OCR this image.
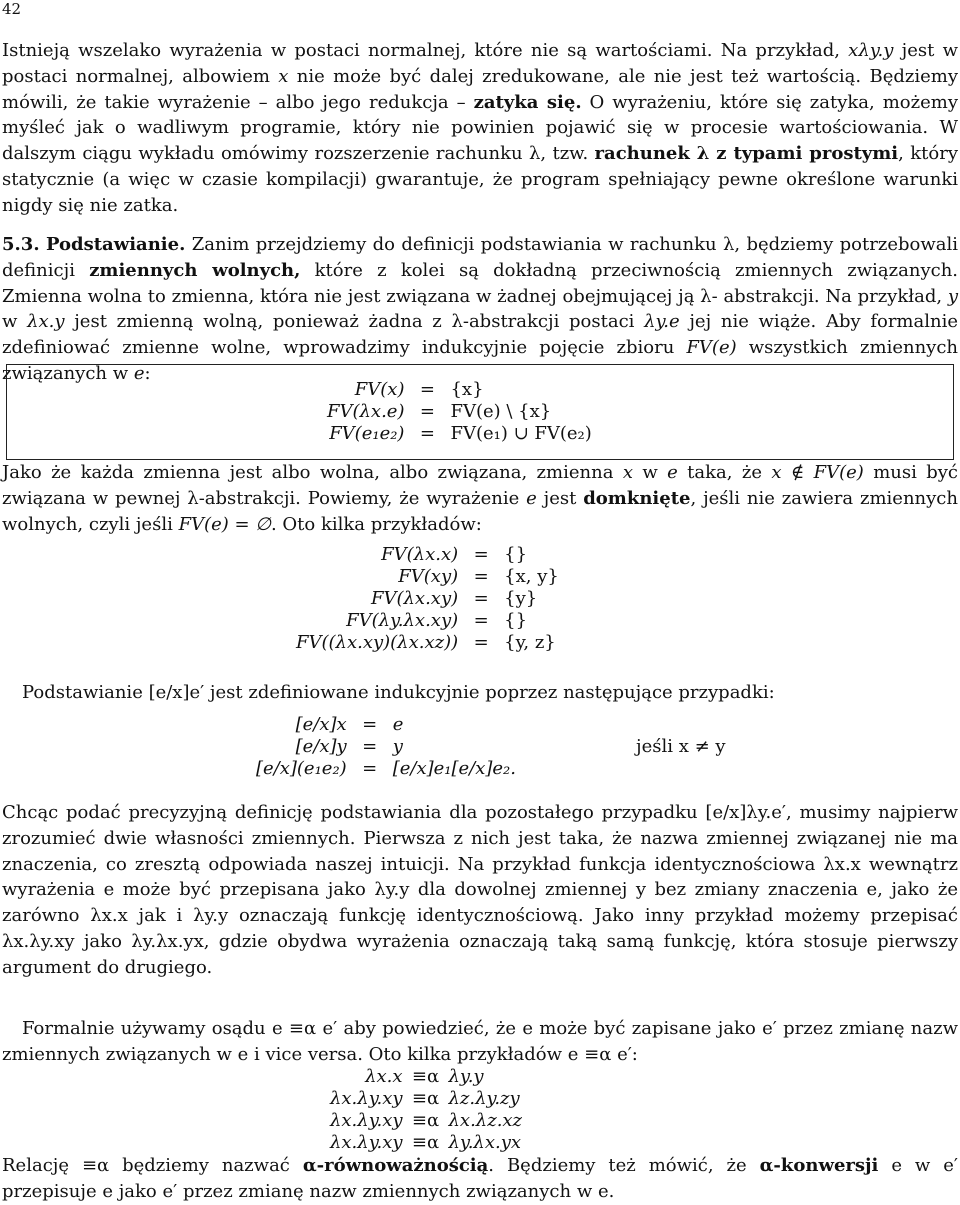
42

Istnieją wszelako wyrażenia w postaci normalnej, które nie są wartościami. Na przykład, xλy.y jest w postaci normalnej, albowiem x nie może być dalej zredukowane, ale nie jest też wartością. Będziemy mówili, że takie wyrażenie – albo jego redukcja – zatyka się. O wyrażeniu, które się zatyka, możemy myśleć jak o wadliwym programie, który nie powinien pojawić się w procesie wartościowania. W dalszym ciągu wykładu omówimy rozszerzenie rachunku λ, tzw. rachunek λ z typami prostymi, który statycznie (a więc w czasie kompilacji) gwarantuje, że program spełniający pewne określone warunki nigdy się nie zatka.

5.3. Podstawianie. Zanim przejdziemy do definicji podstawiania w rachunku λ, będziemy potrzebowali definicji zmiennych wolnych, które z kolei są dokładną przeciwnością zmiennych związanych. Zmienna wolna to zmienna, która nie jest związana w żadnej obejmującej ją λ- abstrakcji. Na przykład, y w λx.y jest zmienną wolną, ponieważ żadna z λ-abstrakcji postaci λy.e jej nie wiąże. Aby formalnie zdefiniować zmienne wolne, wprowadzimy indukcyjnie pojęcie zbioru FV(e) wszystkich zmiennych związanych w e:

FV(x)	=	{x}
FV(λx.e)	=	FV(e) \ {x}
FV(e₁e₂)	=	FV(e₁) ∪ FV(e₂)

Jako że każda zmienna jest albo wolna, albo związana, zmienna x w e taka, że x ∉ FV(e) musi być związana w pewnej λ-abstrakcji. Powiemy, że wyrażenie e jest domknięte, jeśli nie zawiera zmiennych wolnych, czyli jeśli FV(e) = ∅. Oto kilka przykładów:

FV(λx.x)	=	{}
FV(xy)	=	{x, y}
FV(λx.xy)	=	{y}
FV(λy.λx.xy)	=	{}
FV((λx.xy)(λx.xz))	=	{y, z}

Podstawianie [e/x]e′ jest zdefiniowane indukcyjnie poprzez następujące przypadki:

[e/x]x	=	e	
[e/x]y	=	y	jeśli x ≠ y
[e/x](e₁e₂)	=	[e/x]e₁[e/x]e₂.	

Chcąc podać precyzyjną definicję podstawiania dla pozostałego przypadku [e/x]λy.e′, musimy najpierw zrozumieć dwie własności zmiennych. Pierwsza z nich jest taka, że nazwa zmiennej związanej nie ma znaczenia, co zresztą odpowiada naszej intuicji. Na przykład funkcja identycznościowa λx.x wewnątrz wyrażenia e może być przepisana jako λy.y dla dowolnej zmiennej y bez zmiany znaczenia e, jako że zarówno λx.x jak i λy.y oznaczają funkcję identycznościową. Jako inny przykład możemy przepisać λx.λy.xy jako λy.λx.yx, gdzie obydwa wyrażenia oznaczają taką samą funkcję, która stosuje pierwszy argument do drugiego.

Formalnie używamy osądu e ≡α e′ aby powiedzieć, że e może być zapisane jako e′ przez zmianę nazw zmiennych związanych w e i vice versa. Oto kilka przykładów e ≡α e′:

λx.x	≡α	λy.y
λx.λy.xy	≡α	λz.λy.zy
λx.λy.xy	≡α	λx.λz.xz
λx.λy.xy	≡α	λy.λx.yx

Relację ≡α będziemy nazwać α-równoważnością. Będziemy też mówić, że α-konwersji e w e′ przepisuje e jako e′ przez zmianę nazw zmiennych związanych w e.
